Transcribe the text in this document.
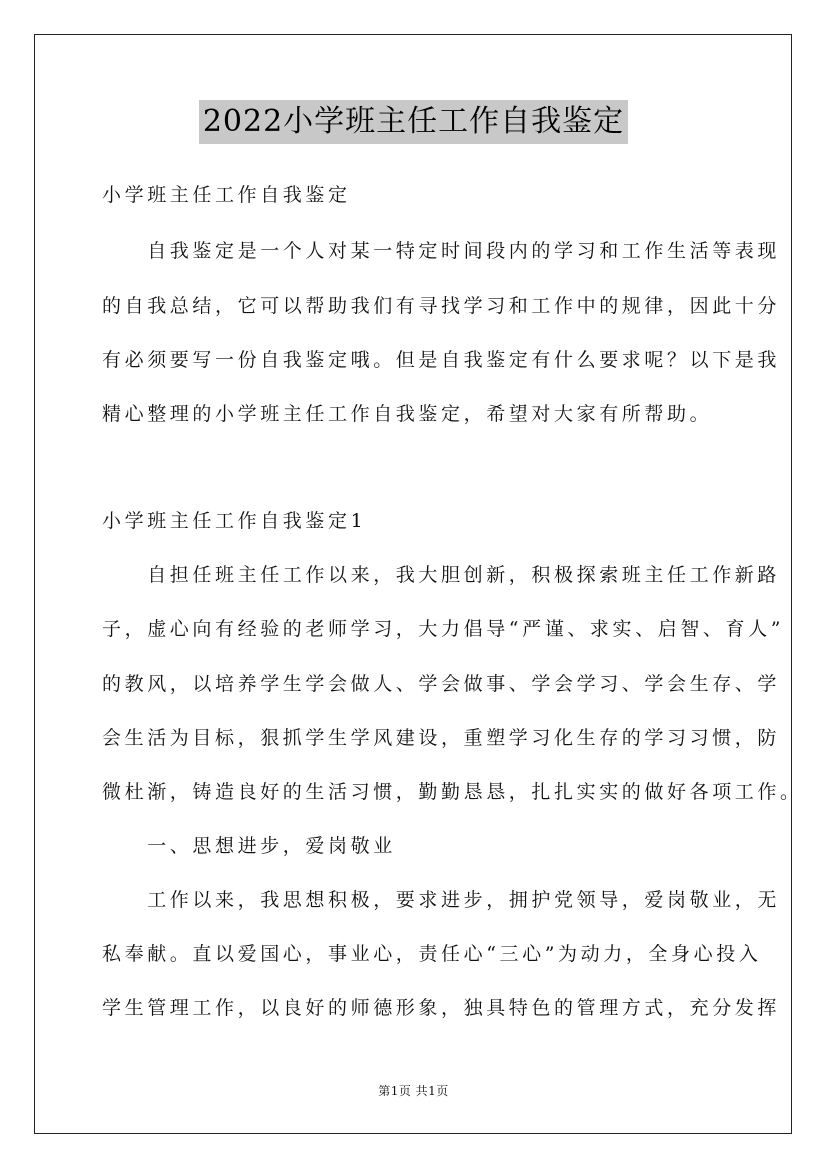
2022小学班主任工作自我鉴定
小学班主任工作自我鉴定
　　自我鉴定是一个人对某一特定时间段内的学习和工作生活等表现
的自我总结，它可以帮助我们有寻找学习和工作中的规律，因此十分
有必须要写一份自我鉴定哦。但是自我鉴定有什么要求呢？以下是我
精心整理的小学班主任工作自我鉴定，希望对大家有所帮助。
小学班主任工作自我鉴定1
　　自担任班主任工作以来，我大胆创新，积极探索班主任工作新路
子，虚心向有经验的老师学习，大力倡导“严谨、求实、启智、育人”
的教风，以培养学生学会做人、学会做事、学会学习、学会生存、学
会生活为目标，狠抓学生学风建设，重塑学习化生存的学习习惯，防
微杜渐，铸造良好的生活习惯，勤勤恳恳，扎扎实实的做好各项工作。
　　一、思想进步，爱岗敬业
　　工作以来，我思想积极，要求进步，拥护党领导，爱岗敬业，无
私奉献。直以爱国心，事业心，责任心“三心”为动力，全身心投入
学生管理工作，以良好的师德形象，独具特色的管理方式，充分发挥
第1页 共1页
